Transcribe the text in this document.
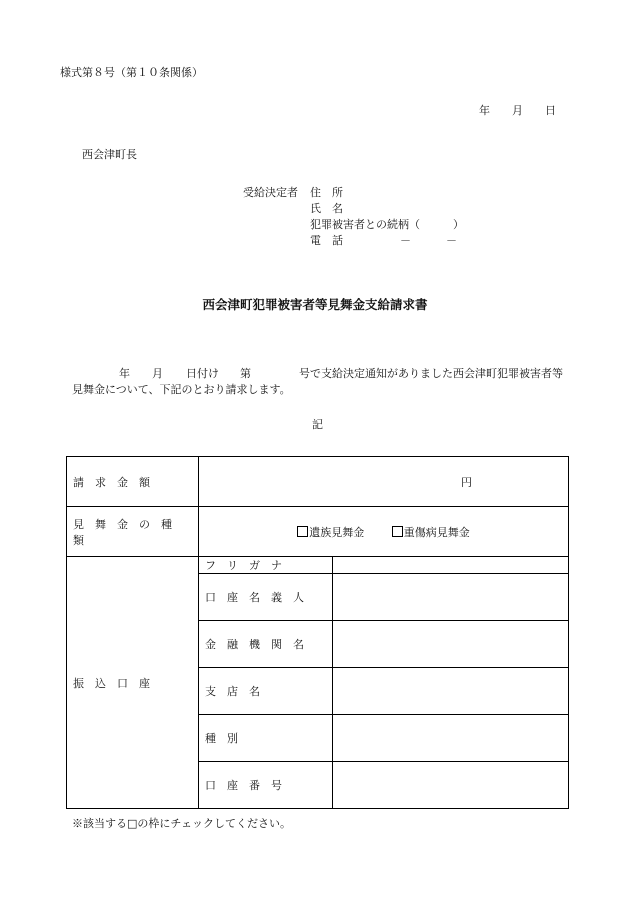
様式第８号（第１０条関係）
年 月 日
西会津町長
受給決定者 住　所
氏　名
犯罪被害者との続柄（　　　）
電　話	－	－
西会津町犯罪被害者等見舞金支給請求書
年 月 日付け 第	号で支給決定通知がありました西会津町犯罪被害者等
見舞金について、下記のとおり請求します。
記
請　求　金　額	円	
見　舞　金　の　種　類	遺族見舞金 重傷病見舞金	
振　込　口　座	フ　リ　ガ　ナ	
	口　座　名　義　人	
	金　融　機　関　名	
	支　店　名	
	種　別	
	口　座　番　号	
※該当する□の枠にチェックしてください。
